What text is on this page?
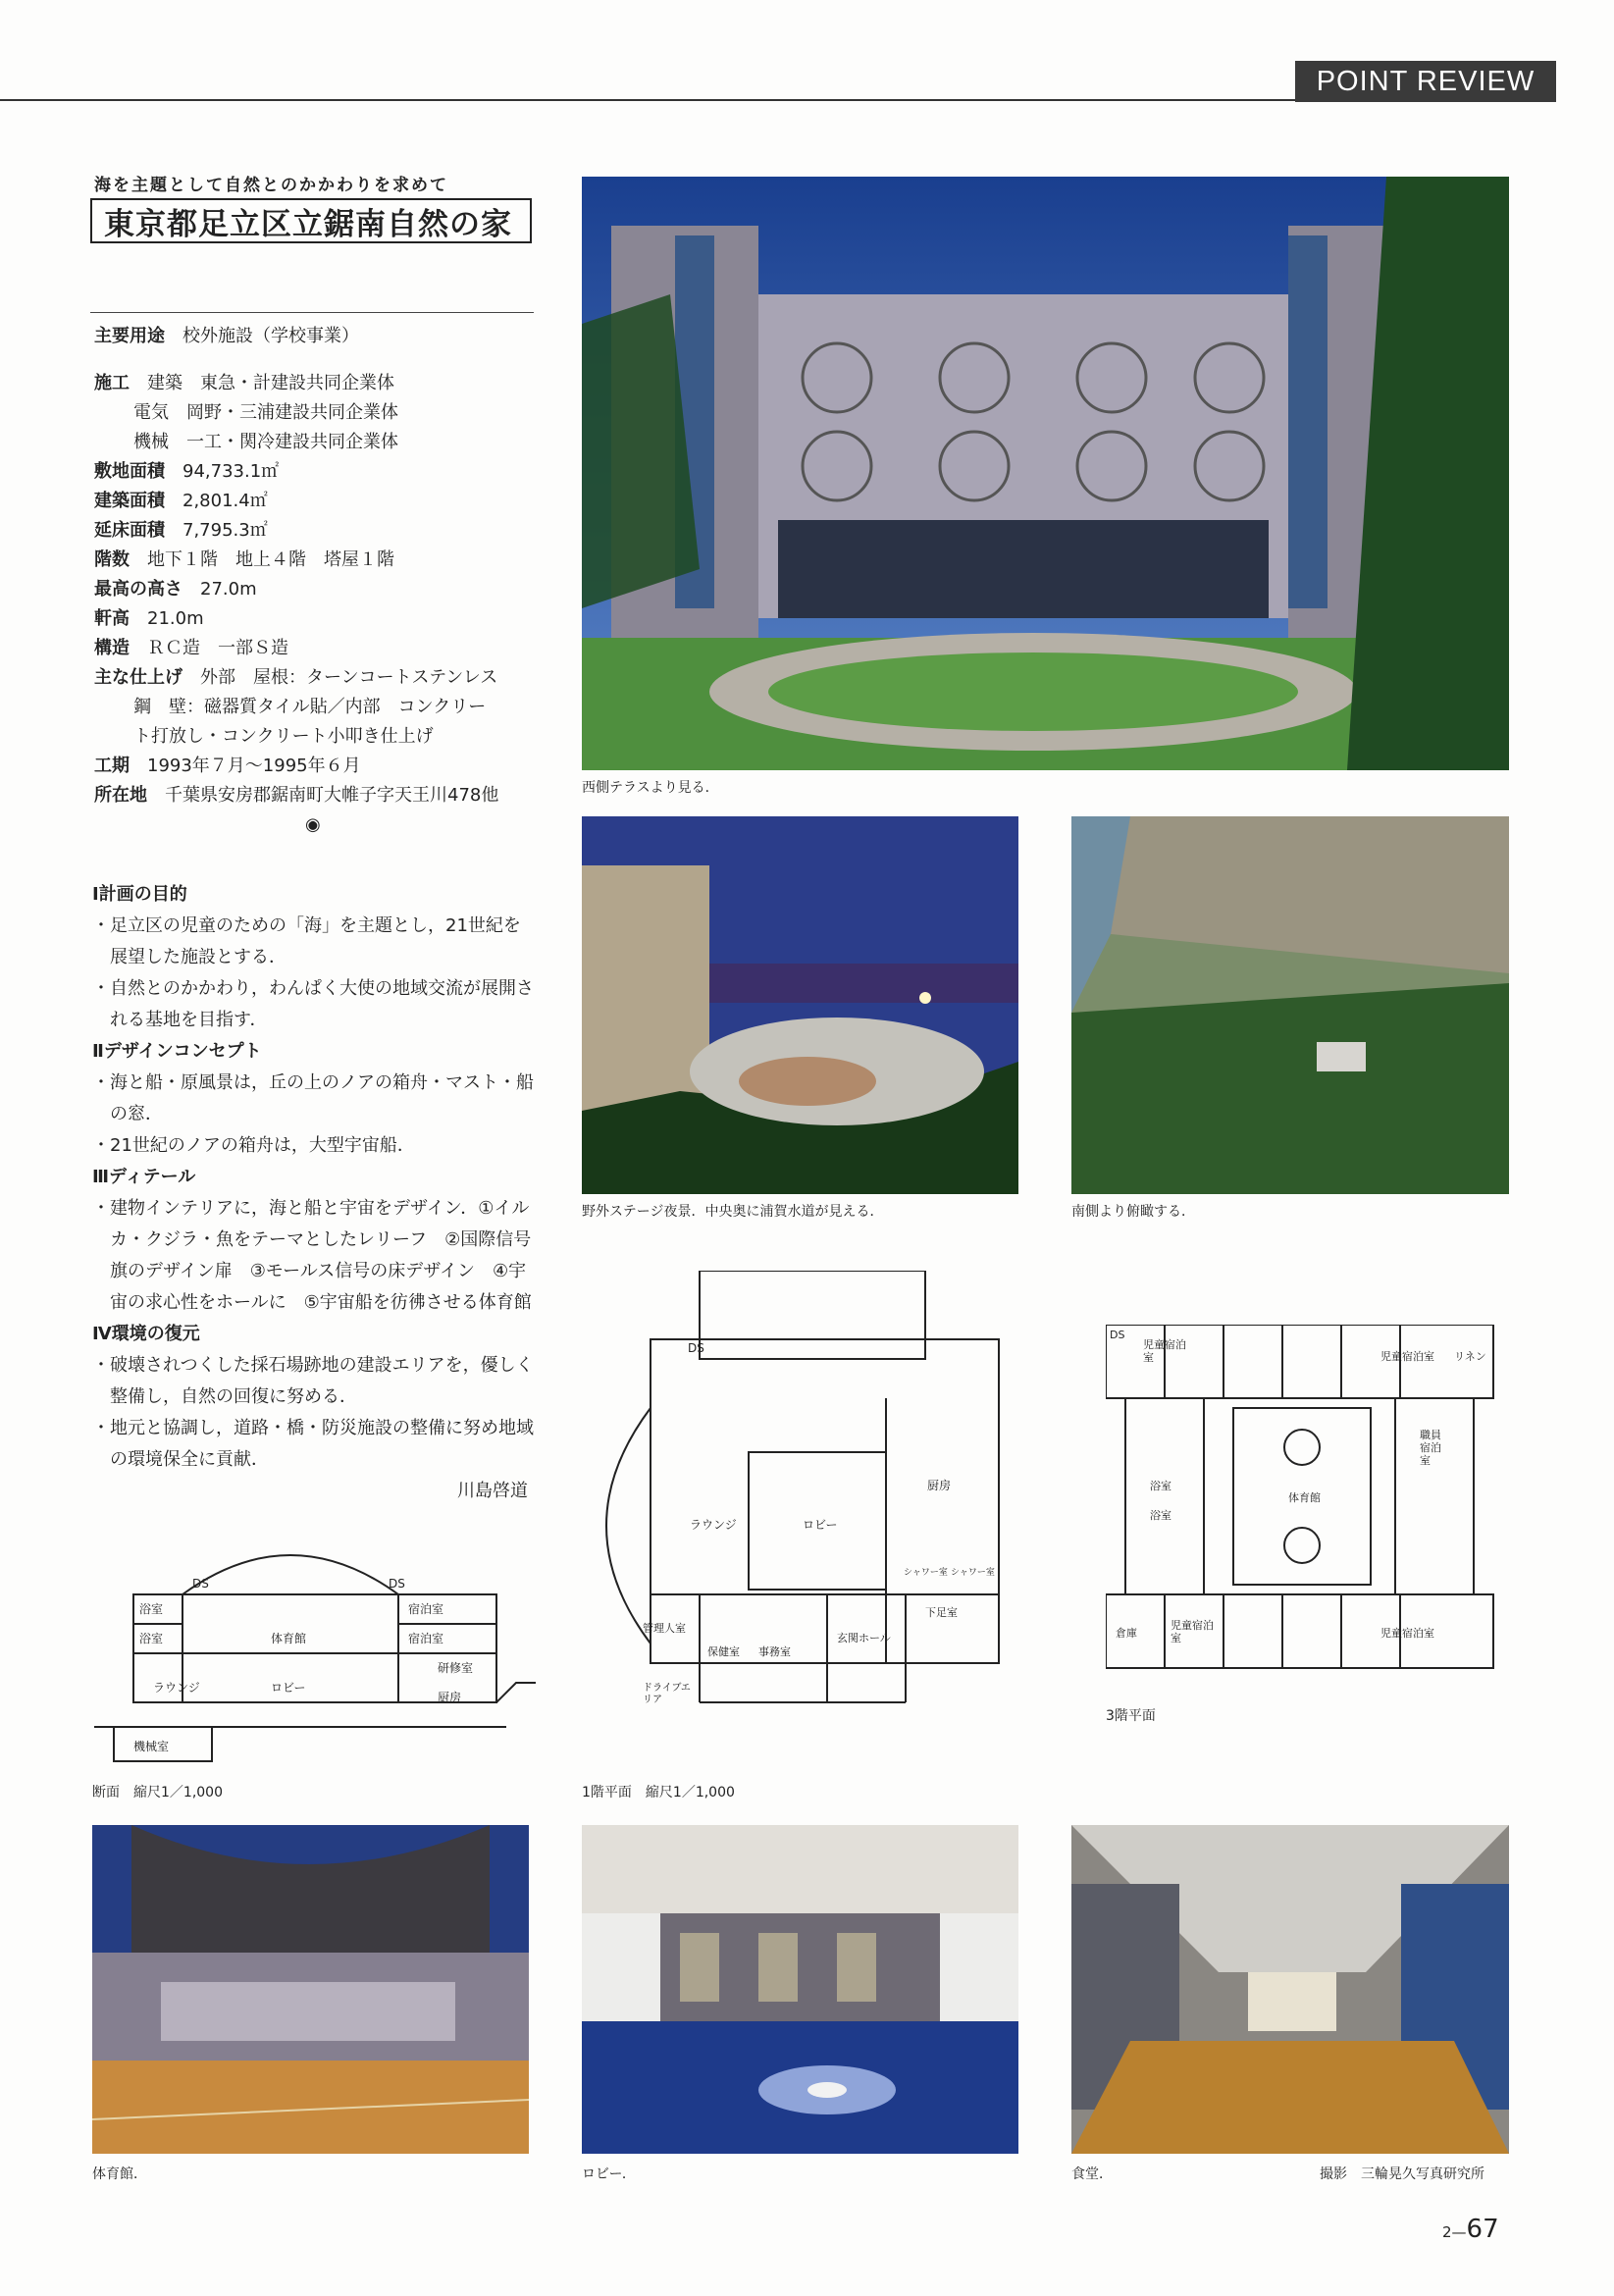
POINT REVIEW
海を主題として自然とのかかわりを求めて
東京都足立区立鋸南自然の家
主要用途　 校外施設（学校事業）
施工　 建築　東急・計建設共同企業体
電気　岡野・三浦建設共同企業体
機械　一工・関冷建設共同企業体
敷地面積　 94,733.1㎡
建築面積　 2,801.4㎡
延床面積　 7,795.3㎡
階数　 地下１階　地上４階　塔屋１階
最高の高さ　 27.0m
軒高　 21.0m
構造　 ＲＣ造　一部Ｓ造
主な仕上げ　 外部　屋根：ターンコートステンレス
鋼　壁：磁器質タイル貼／内部　コンクリー
ト打放し・コンクリート小叩き仕上げ
工期　 1993年７月〜1995年６月
所在地　 千葉県安房郡鋸南町大帷子字天王川478他
◉
Ⅰ計画の目的
・足立区の児童のための「海」を主題とし，21世紀を展望した施設とする．
・自然とのかかわり，わんぱく大使の地域交流が展開される基地を目指す．
Ⅱデザインコンセプト
・海と船・原風景は，丘の上のノアの箱舟・マスト・船の窓．
・21世紀のノアの箱舟は，大型宇宙船．
Ⅲディテール
・建物インテリアに，海と船と宇宙をデザイン．①イルカ・クジラ・魚をテーマとしたレリーフ　②国際信号旗のデザイン扉　③モールス信号の床デザイン　④宇宙の求心性をホールに　⑤宇宙船を彷彿させる体育館
Ⅳ環境の復元
・破壊されつくした採石場跡地の建設エリアを，優しく整備し，自然の回復に努める．
・地元と協調し，道路・橋・防災施設の整備に努め地域の環境保全に貢献．
川島啓道
西側テラスより見る．
野外ステージ夜景．中央奥に浦賀水道が見える．	南側より俯瞰する．
DS	DS
浴室
浴室	体育館
宿泊室
宿泊室
研修室
ラウンジ	ロビー
厨房
機械室
断面　縮尺1／1,000
DS
ラウンジ	ロビー
厨房
シャワー室 シャワー室
管理人室
保健室 事務室
玄関ホール
下足室
ドライブエリア
1階平面　縮尺1／1,000
DS
児童宿泊室	児童宿泊室 リネン
職員宿泊室
体育館
浴室
浴室
倉庫
児童宿泊室	児童宿泊室
3階平面
体育館．	ロビー．	食堂．	撮影　三輪晃久写真研究所
2—67
